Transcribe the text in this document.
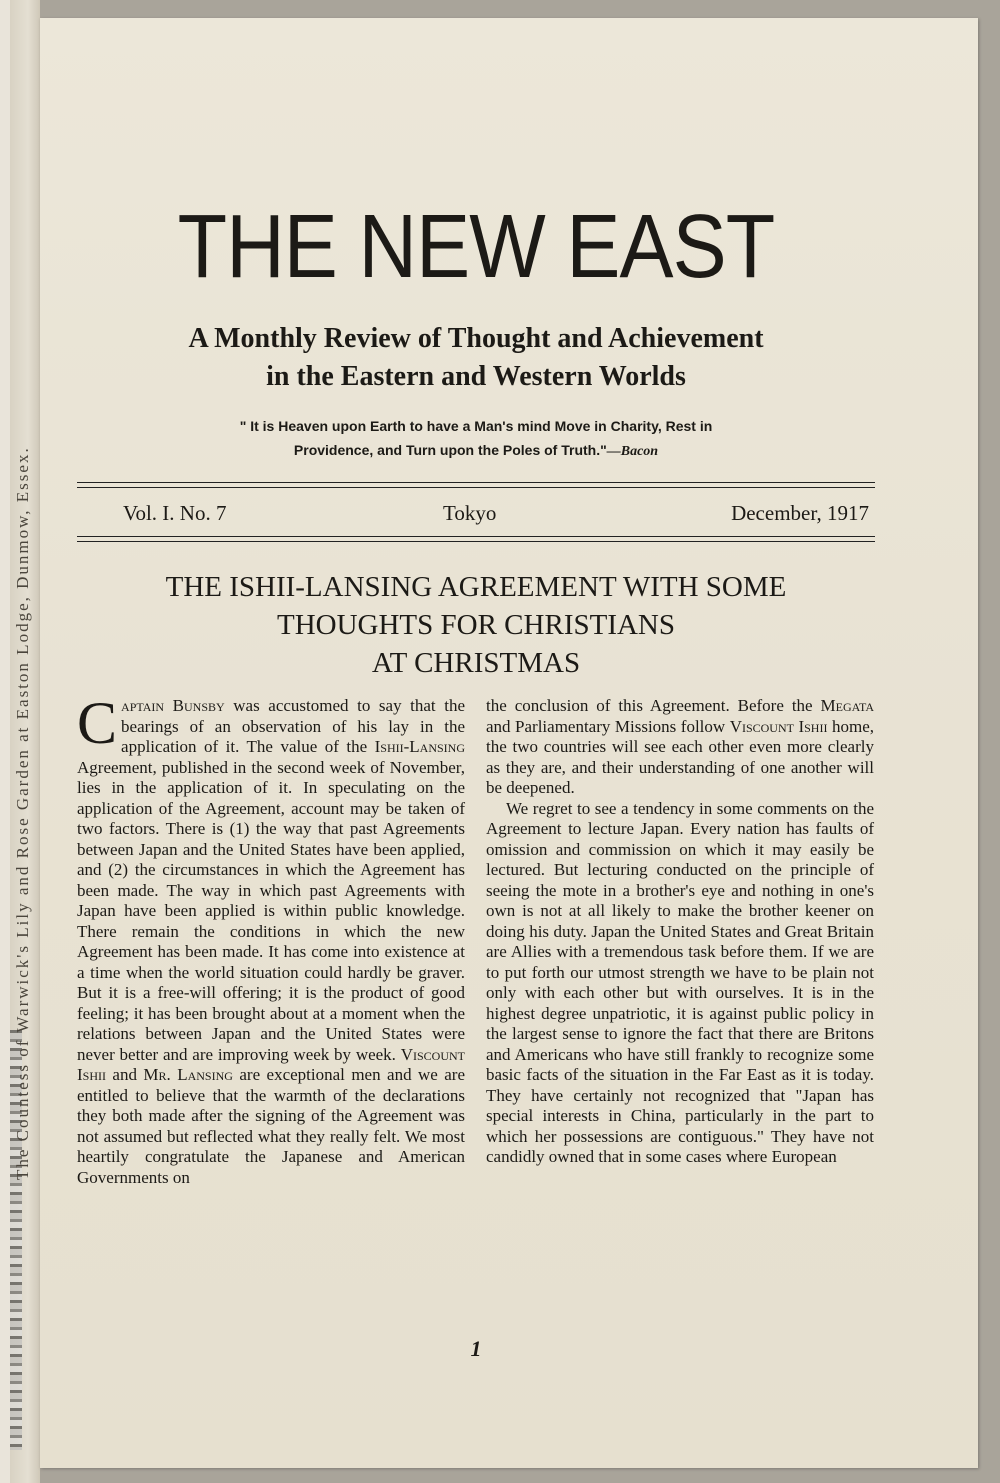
The Countess of Warwick's Lily and Rose Garden at Easton Lodge, Dunmow, Essex.
THE NEW EAST
A Monthly Review of Thought and Achievement
in the Eastern and Western Worlds
" It is Heaven upon Earth to have a Man's mind Move in Charity, Rest in
Providence, and Turn upon the Poles of Truth."—Bacon
Vol. I. No. 7	Tokyo	December, 1917
THE ISHII-LANSING AGREEMENT WITH SOME
THOUGHTS FOR CHRISTIANS
AT CHRISTMAS

Captain Bunsby was accustomed to say that the bearings of an observation of his lay in the application of it. The value of the Ishii-Lansing Agreement, published in the second week of November, lies in the application of it. In speculating on the application of the Agreement, account may be taken of two factors. There is (1) the way that past Agreements between Japan and the United States have been applied, and (2) the circumstances in which the Agreement has been made. The way in which past Agreements with Japan have been applied is within public knowledge. There remain the conditions in which the new Agreement has been made. It has come into existence at a time when the world situation could hardly be graver. But it is a free-will offering; it is the product of good feeling; it has been brought about at a moment when the relations between Japan and the United States were never better and are improving week by week. Viscount Ishii and Mr. Lansing are exceptional men and we are entitled to believe that the warmth of the declarations they both made after the signing of the Agreement was not assumed but reflected what they really felt. We most heartily congratulate the Japanese and American Governments on

the conclusion of this Agreement. Before the Megata and Parliamentary Missions follow Viscount Ishii home, the two countries will see each other even more clearly as they are, and their understanding of one another will be deepened.

We regret to see a tendency in some comments on the Agreement to lecture Japan. Every nation has faults of omission and commission on which it may easily be lectured. But lecturing conducted on the principle of seeing the mote in a brother's eye and nothing in one's own is not at all likely to make the brother keener on doing his duty. Japan the United States and Great Britain are Allies with a tremendous task before them. If we are to put forth our utmost strength we have to be plain not only with each other but with ourselves. It is in the highest degree unpatriotic, it is against public policy in the largest sense to ignore the fact that there are Britons and Americans who have still frankly to recognize some basic facts of the situation in the Far East as it is today. They have certainly not recognized that "Japan has special interests in China, particularly in the part to which her possessions are contiguous." They have not candidly owned that in some cases where European

1
